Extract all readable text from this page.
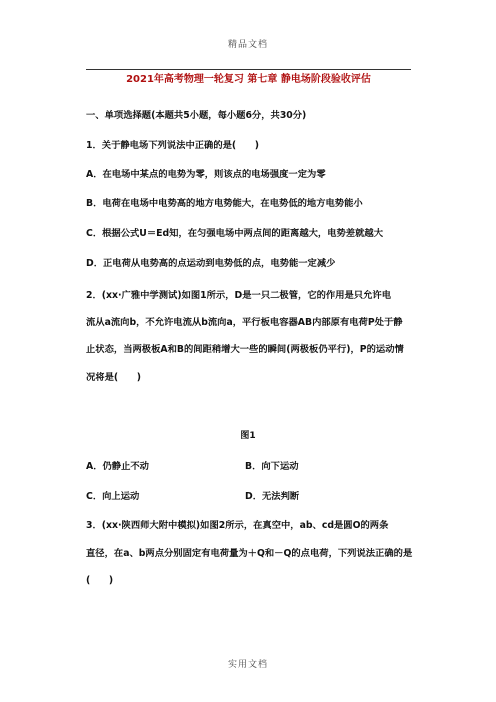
精品文档
2021年高考物理一轮复习 第七章 静电场阶段验收评估
一、单项选择题(本题共5小题，每小题6分，共30分)
1．关于静电场下列说法中正确的是(　　)
A．在电场中某点的电势为零，则该点的电场强度一定为零
B．电荷在电场中电势高的地方电势能大，在电势低的地方电势能小
C．根据公式U＝Ed知，在匀强电场中两点间的距离越大，电势差就越大
D．正电荷从电势高的点运动到电势低的点，电势能一定减少
2．(xx·广雅中学测试)如图1所示，D是一只二极管，它的作用是只允许电
流从a流向b，不允许电流从b流向a，平行板电容器AB内部原有电荷P处于静
止状态，当两极板A和B的间距稍增大一些的瞬间(两极板仍平行)，P的运动情
况将是(　　)
图1
A．仍静止不动	B．向下运动
C．向上运动	D．无法判断
3．(xx·陕西师大附中模拟)如图2所示，在真空中，ab、cd是圆O的两条
直径，在a、b两点分别固定有电荷量为＋Q和－Q的点电荷，下列说法正确的是
(　　)
实用文档
